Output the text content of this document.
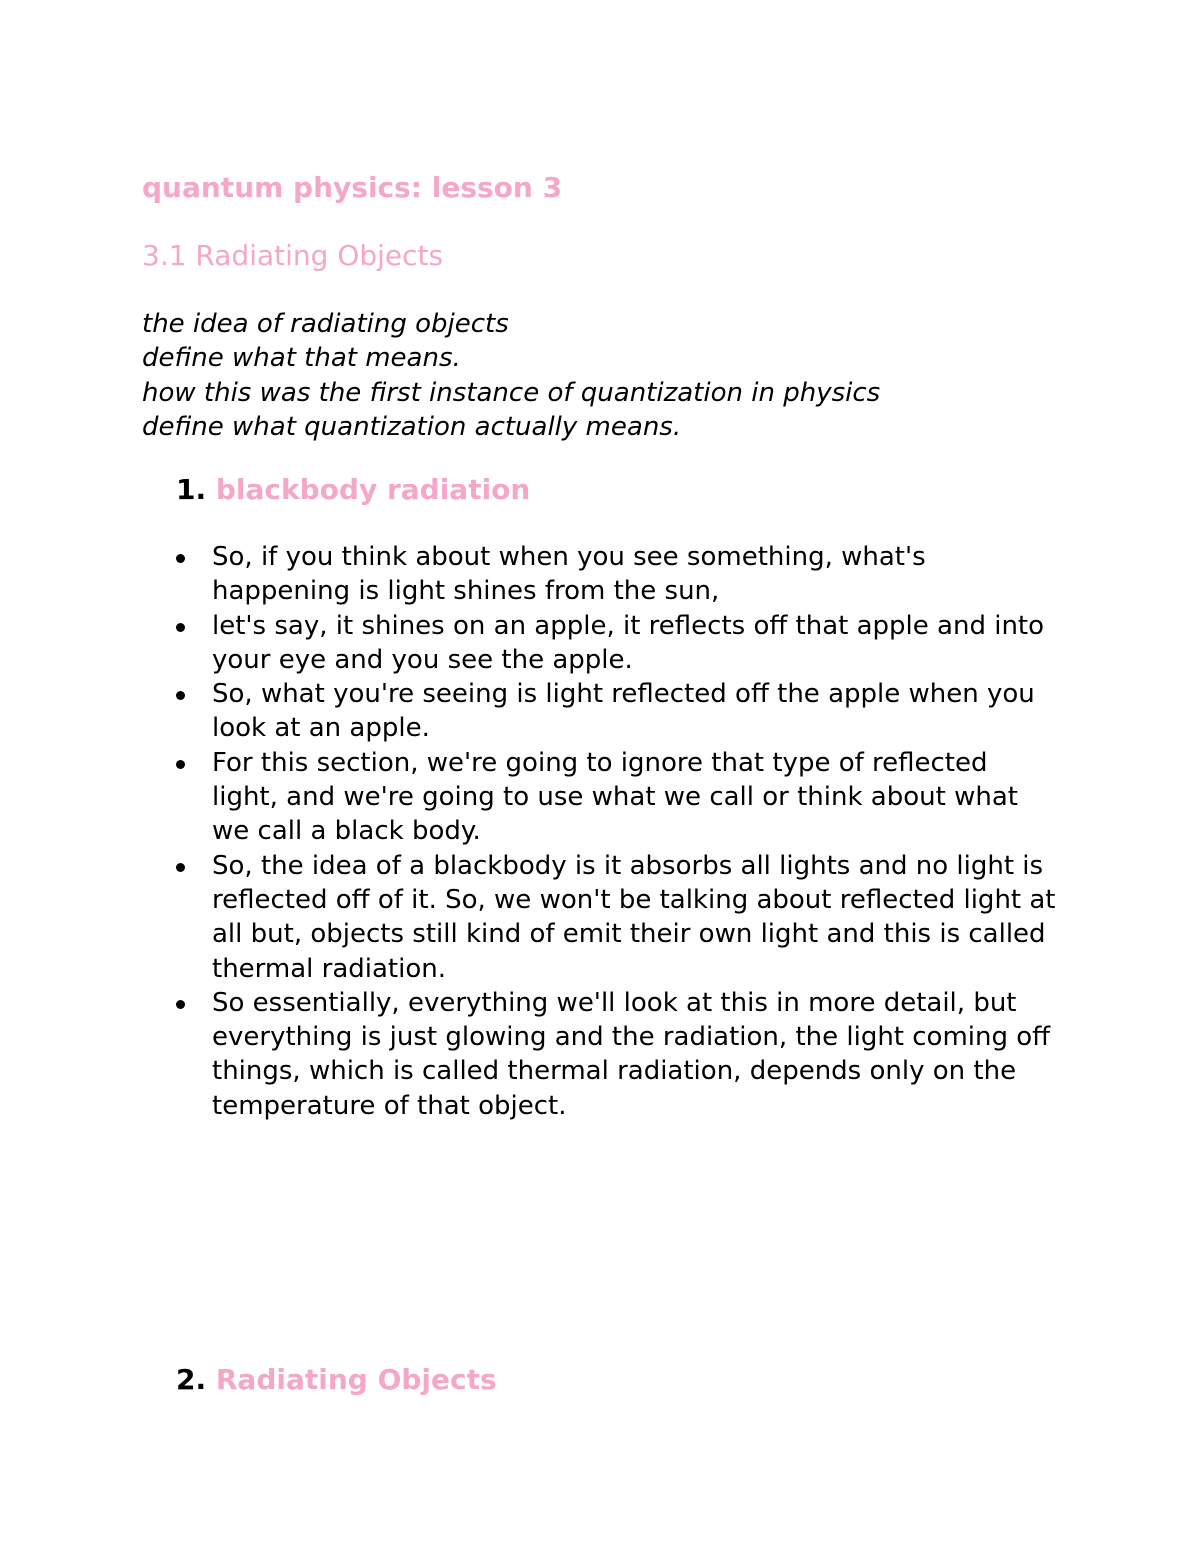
quantum physics: lesson 3
3.1 Radiating Objects
the idea of radiating objects
define what that means.
how this was the first instance of quantization in physics
define what quantization actually means.
1. blackbody radiation
So, if you think about when you see something, what's happening is light shines from the sun,
let's say, it shines on an apple, it reflects off that apple and into your eye and you see the apple.
So, what you're seeing is light reflected off the apple when you look at an apple.
For this section, we're going to ignore that type of reflected light, and we're going to use what we call or think about what we call a black body.
So, the idea of a blackbody is it absorbs all lights and no light is reflected off of it. So, we won't be talking about reflected light at all but, objects still kind of emit their own light and this is called thermal radiation.
So essentially, everything we'll look at this in more detail, but everything is just glowing and the radiation, the light coming off things, which is called thermal radiation, depends only on the temperature of that object.
2. Radiating Objects
